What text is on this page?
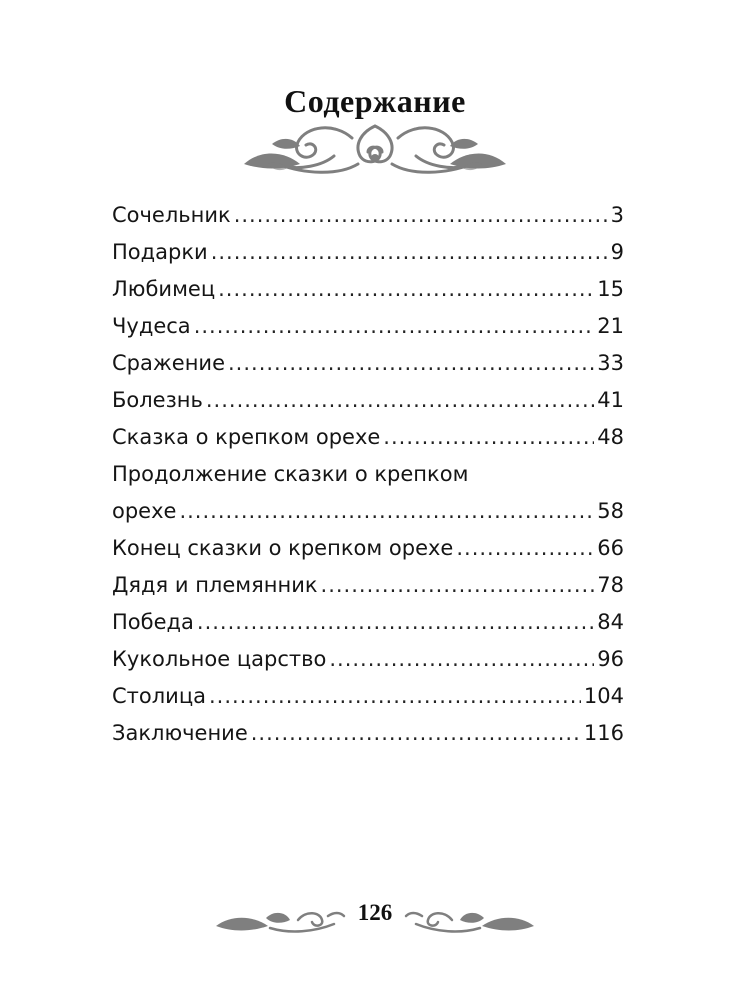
Содержание
Сочельник .....	3
Подарки .....	9
Любимец .....	15
Чудеса .....	21
Сражение .....	33
Болезнь .....	41
Сказка о крепком орехе .....	48
Продолжение сказки о крепком
орехе .....	58
Конец сказки о крепком орехе .....	66
Дядя и племянник .....	78
Победа .....	84
Кукольное царство .....	96
Столица .....	104
Заключение .....	116
126
